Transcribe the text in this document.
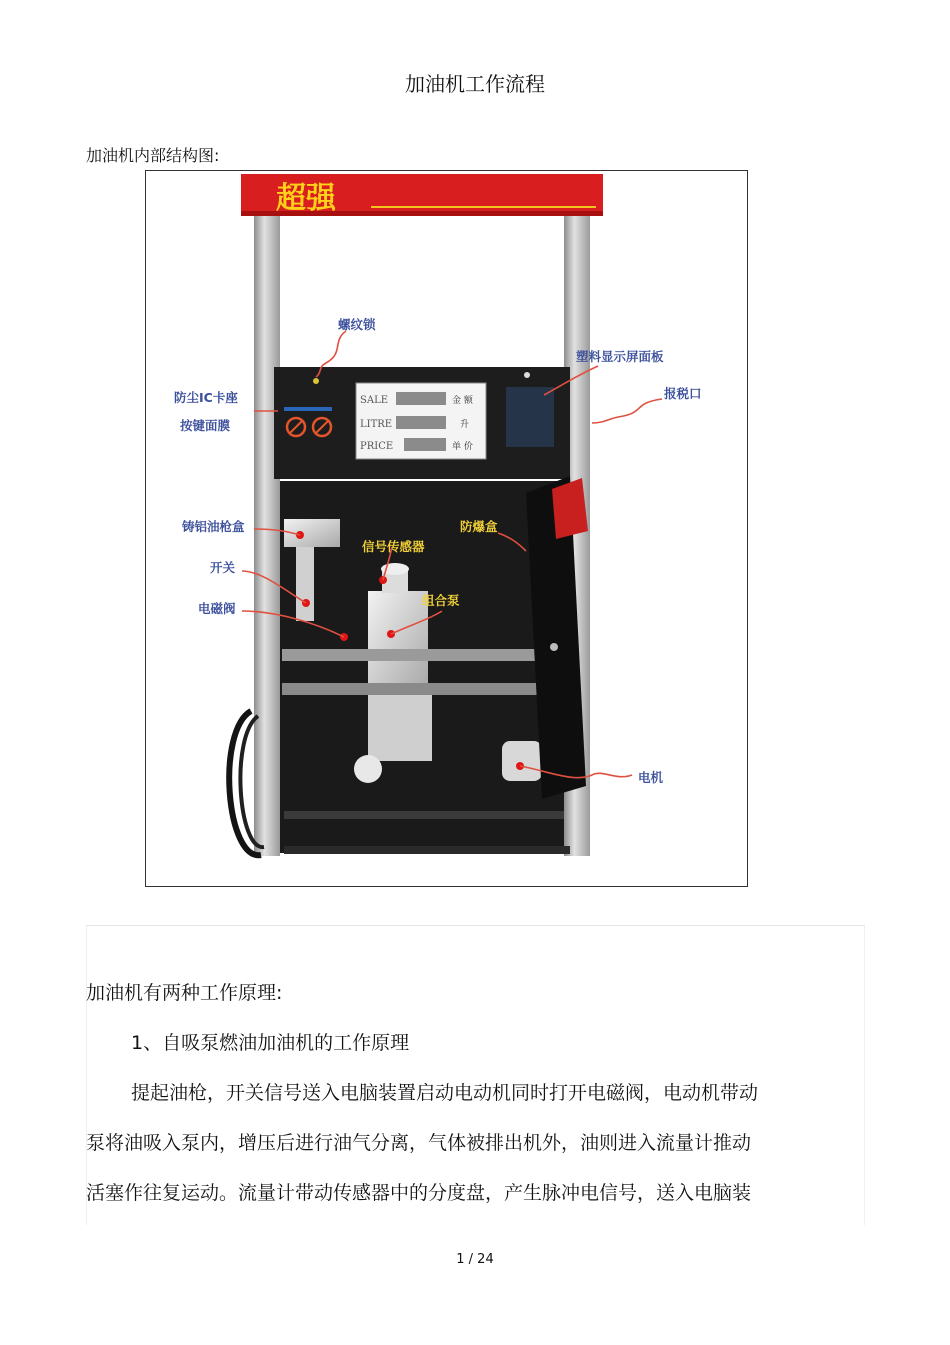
加油机工作流程
加油机内部结构图:
超强
SALE	金 额
LITRE	升
PRICE	单 价
螺纹锁
塑料显示屏面板
报税口
防尘IC卡座
按键面膜
铸铝油枪盒
开关
电磁阀
信号传感器
组合泵
防爆盒
电机
加油机有两种工作原理:
1、自吸泵燃油加油机的工作原理
提起油枪，开关信号送入电脑装置启动电动机同时打开电磁阀，电动机带动
泵将油吸入泵内，增压后进行油气分离，气体被排出机外，油则进入流量计推动
活塞作往复运动。流量计带动传感器中的分度盘，产生脉冲电信号，送入电脑装
1 / 24
